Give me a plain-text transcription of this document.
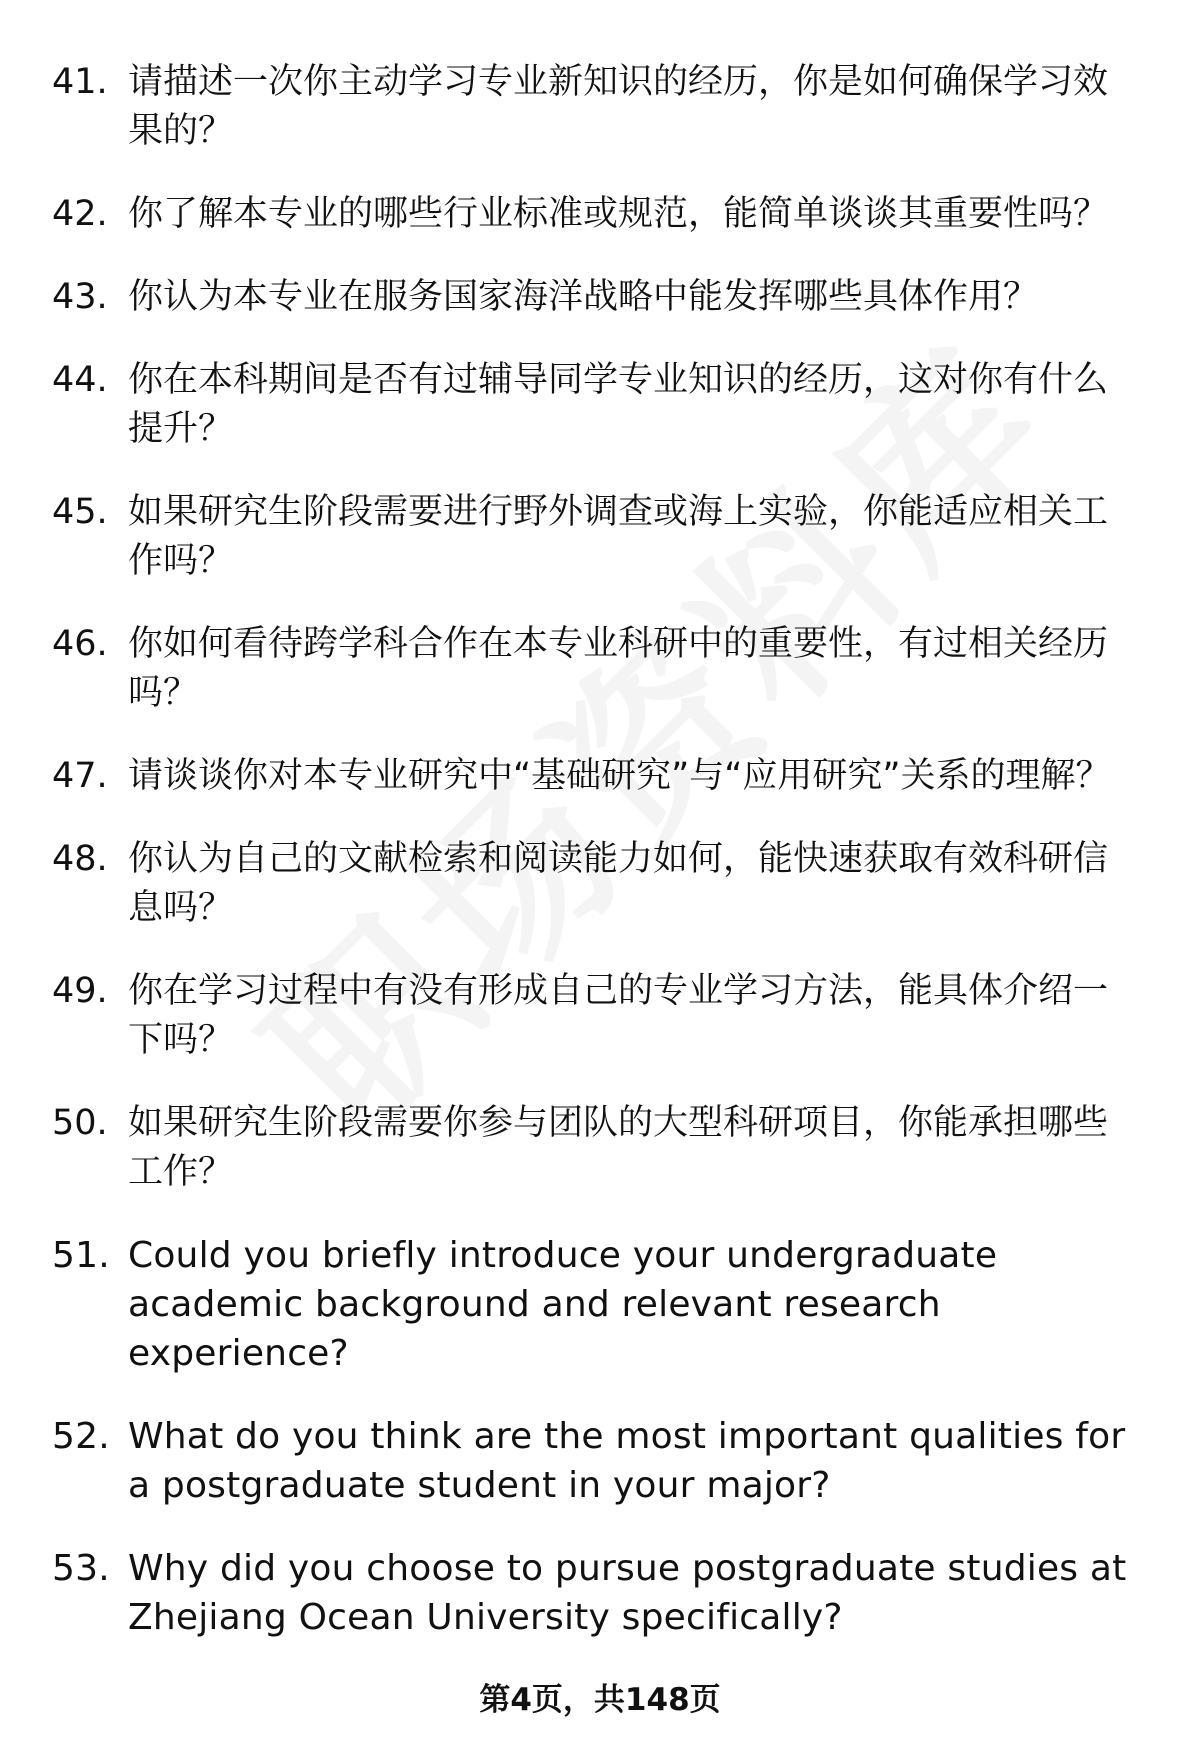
41. 请描述一次你主动学习专业新知识的经历，你是如何确保学习效果的？
42. 你了解本专业的哪些行业标准或规范，能简单谈谈其重要性吗？
43. 你认为本专业在服务国家海洋战略中能发挥哪些具体作用？
44. 你在本科期间是否有过辅导同学专业知识的经历，这对你有什么提升？
45. 如果研究生阶段需要进行野外调查或海上实验，你能适应相关工作吗？
46. 你如何看待跨学科合作在本专业科研中的重要性，有过相关经历吗？
47. 请谈谈你对本专业研究中“基础研究”与“应用研究”关系的理解？
48. 你认为自己的文献检索和阅读能力如何，能快速获取有效科研信息吗？
49. 你在学习过程中有没有形成自己的专业学习方法，能具体介绍一下吗？
50. 如果研究生阶段需要你参与团队的大型科研项目，你能承担哪些工作？
51. Could you briefly introduce your undergraduate academic background and relevant research experience?
52. What do you think are the most important qualities for a postgraduate student in your major?
53. Why did you choose to pursue postgraduate studies at Zhejiang Ocean University specifically?
第4页，共148页
